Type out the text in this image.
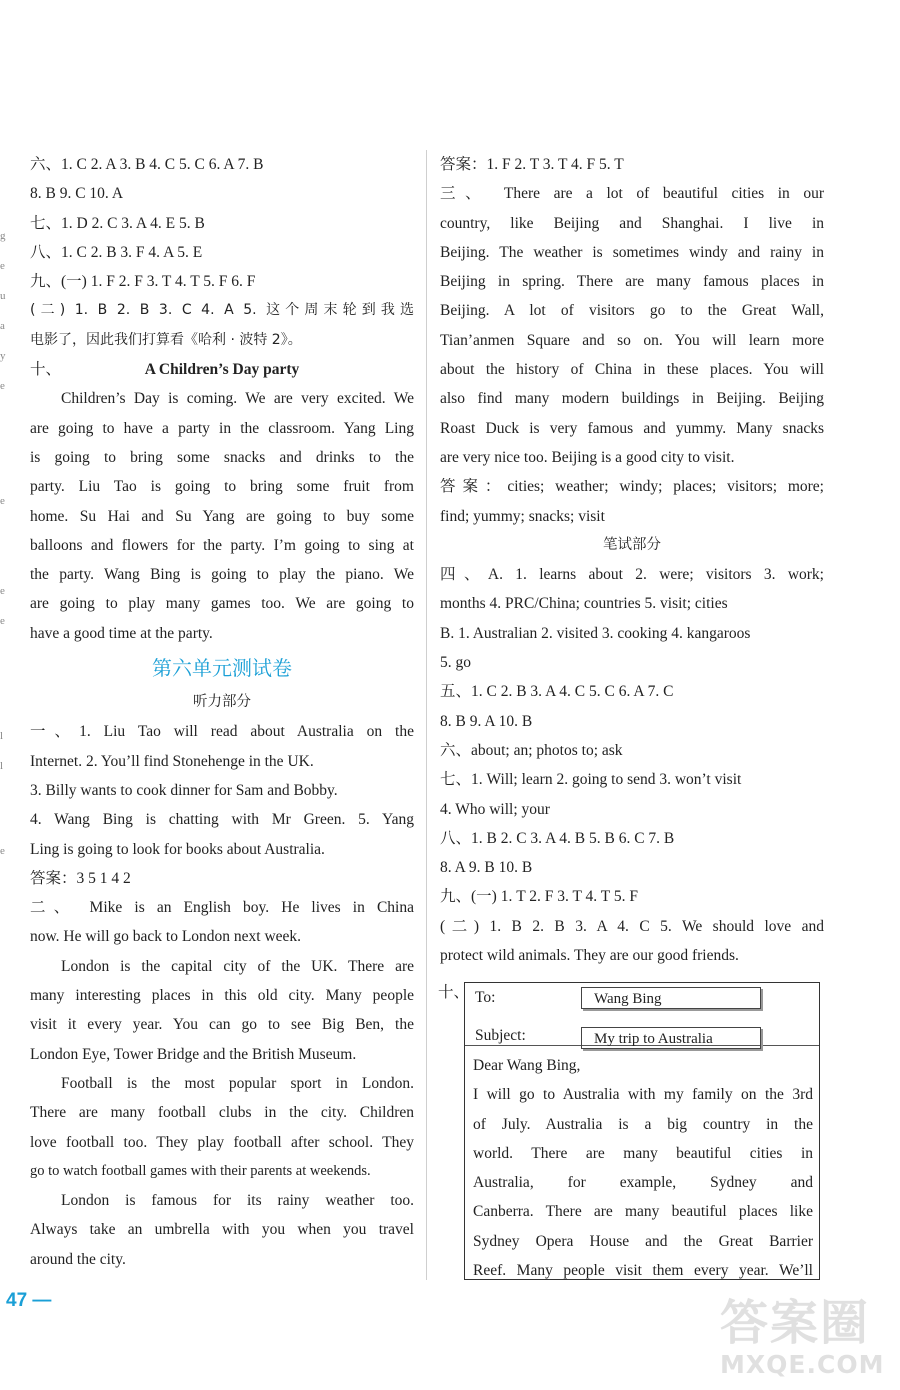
g
e
u
a
y
e
e
e
e
l
l
e
六、1. C 2. A 3. B 4. C 5. C 6. A 7. B
8. B 9. C 10. A
七、1. D 2. C 3. A 4. E 5. B
八、1. C 2. B 3. F 4. A 5. E
九、(一) 1. F 2. F 3. T 4. T 5. F 6. F
(二) 1. B 2. B 3. C 4. A 5. 这个周末轮到我选
电影了，因此我们打算看《哈利 · 波特 2》。
十、	A Children’s Day party
Children’s Day is coming. We are very excited. We
are going to have a party in the classroom. Yang Ling
is going to bring some snacks and drinks to the
party. Liu Tao is going to bring some fruit from
home. Su Hai and Su Yang are going to buy some
balloons and flowers for the party. I’m going to sing at
the party. Wang Bing is going to play the piano. We
are going to play many games too. We are going to
have a good time at the party.
第六单元测试卷
听力部分
一、1. Liu Tao will read about Australia on the
Internet. 2. You’ll find Stonehenge in the UK.
3. Billy wants to cook dinner for Sam and Bobby.
4. Wang Bing is chatting with Mr Green. 5. Yang
Ling is going to look for books about Australia.
答案：3 5 1 4 2
二、 Mike is an English boy. He lives in China
now. He will go back to London next week.
London is the capital city of the UK. There are
many interesting places in this old city. Many people
visit it every year. You can go to see Big Ben, the
London Eye, Tower Bridge and the British Museum.
Football is the most popular sport in London.
There are many football clubs in the city. Children
love football too. They play football after school. They
go to watch football games with their parents at weekends.
London is famous for its rainy weather too.
Always take an umbrella with you when you travel
around the city.
答案：1. F 2. T 3. T 4. F 5. T
三、 There are a lot of beautiful cities in our
country, like Beijing and Shanghai. I live in
Beijing. The weather is sometimes windy and rainy in
Beijing in spring. There are many famous places in
Beijing. A lot of visitors go to the Great Wall,
Tian’anmen Square and so on. You will learn more
about the history of China in these places. You will
also find many modern buildings in Beijing. Beijing
Roast Duck is very famous and yummy. Many snacks
are very nice too. Beijing is a good city to visit.
答案：cities; weather; windy; places; visitors; more;
find; yummy; snacks; visit
笔试部分
四、A. 1. learns about 2. were; visitors 3. work;
months 4. PRC/China; countries 5. visit; cities
B. 1. Australian 2. visited 3. cooking 4. kangaroos
5. go
五、1. C 2. B 3. A 4. C 5. C 6. A 7. C
8. B 9. A 10. B
六、about; an; photos to; ask
七、1. Will; learn 2. going to send 3. won’t visit
4. Who will; your
八、1. B 2. C 3. A 4. B 5. B 6. C 7. B
8. A 9. B 10. B
九、(一) 1. T 2. F 3. T 4. T 5. F
(二) 1. B 2. B 3. A 4. C 5. We should love and
protect wild animals. They are our good friends.
十、 To:	Wang Bing
Subject:	My trip to Australia
Dear Wang Bing,
I will go to Australia with my family on the 3rd
of July. Australia is a big country in the
world. There are many beautiful cities in
Australia, for example, Sydney and
Canberra. There are many beautiful places like
Sydney Opera House and the Great Barrier
Reef. Many people visit them every year. We’ll
47 —	答案圈
MXQE.COM
